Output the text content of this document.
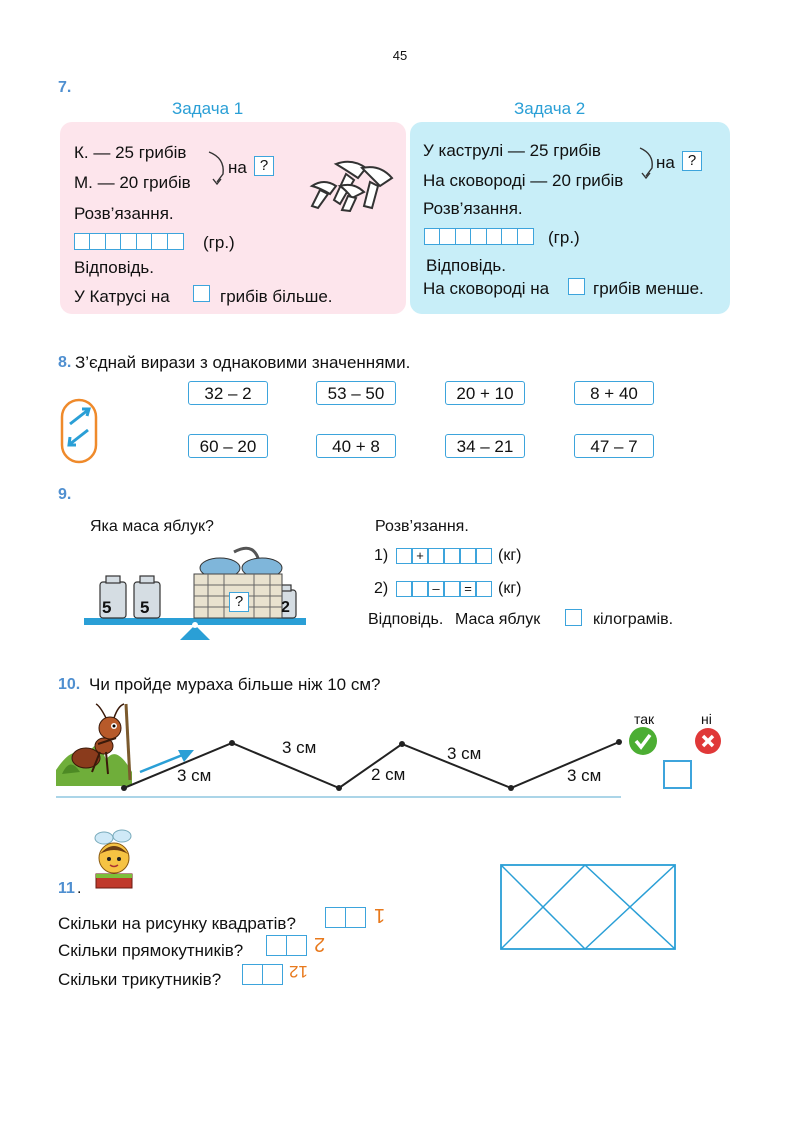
45
7.
Задача 1	Задача 2
К. — 25 грибів
М. — 20 грибів
на ?
Розв’язання.
(гр.)
Відповідь.
У Катрусі на	грибів більше.
У каструлі — 25 грибів
На сковороді — 20 грибів
на ?
Розв’язання.
(гр.)
Відповідь.
На сковороді на	грибів менше.
8. З’єднай вирази з однаковими значеннями.
32 – 2	53 – 50	20 + 10	8 + 40
60 – 20	40 + 8	34 – 21	47 – 7
9.
Яка маса яблук?
5 5	?	2
Розв’язання.
1)	+	(кг)
2)	–	= (кг)
Відповідь. Маса яблук	кілограмів.
10. Чи пройде мураха більше ніж 10 см?
3 см
3 см
2 см
3 см
3 см
так	ні
11 .
Скільки на рисунку квадратів?	1
Скільки прямокутників?	2
Скільки трикутників?	12
